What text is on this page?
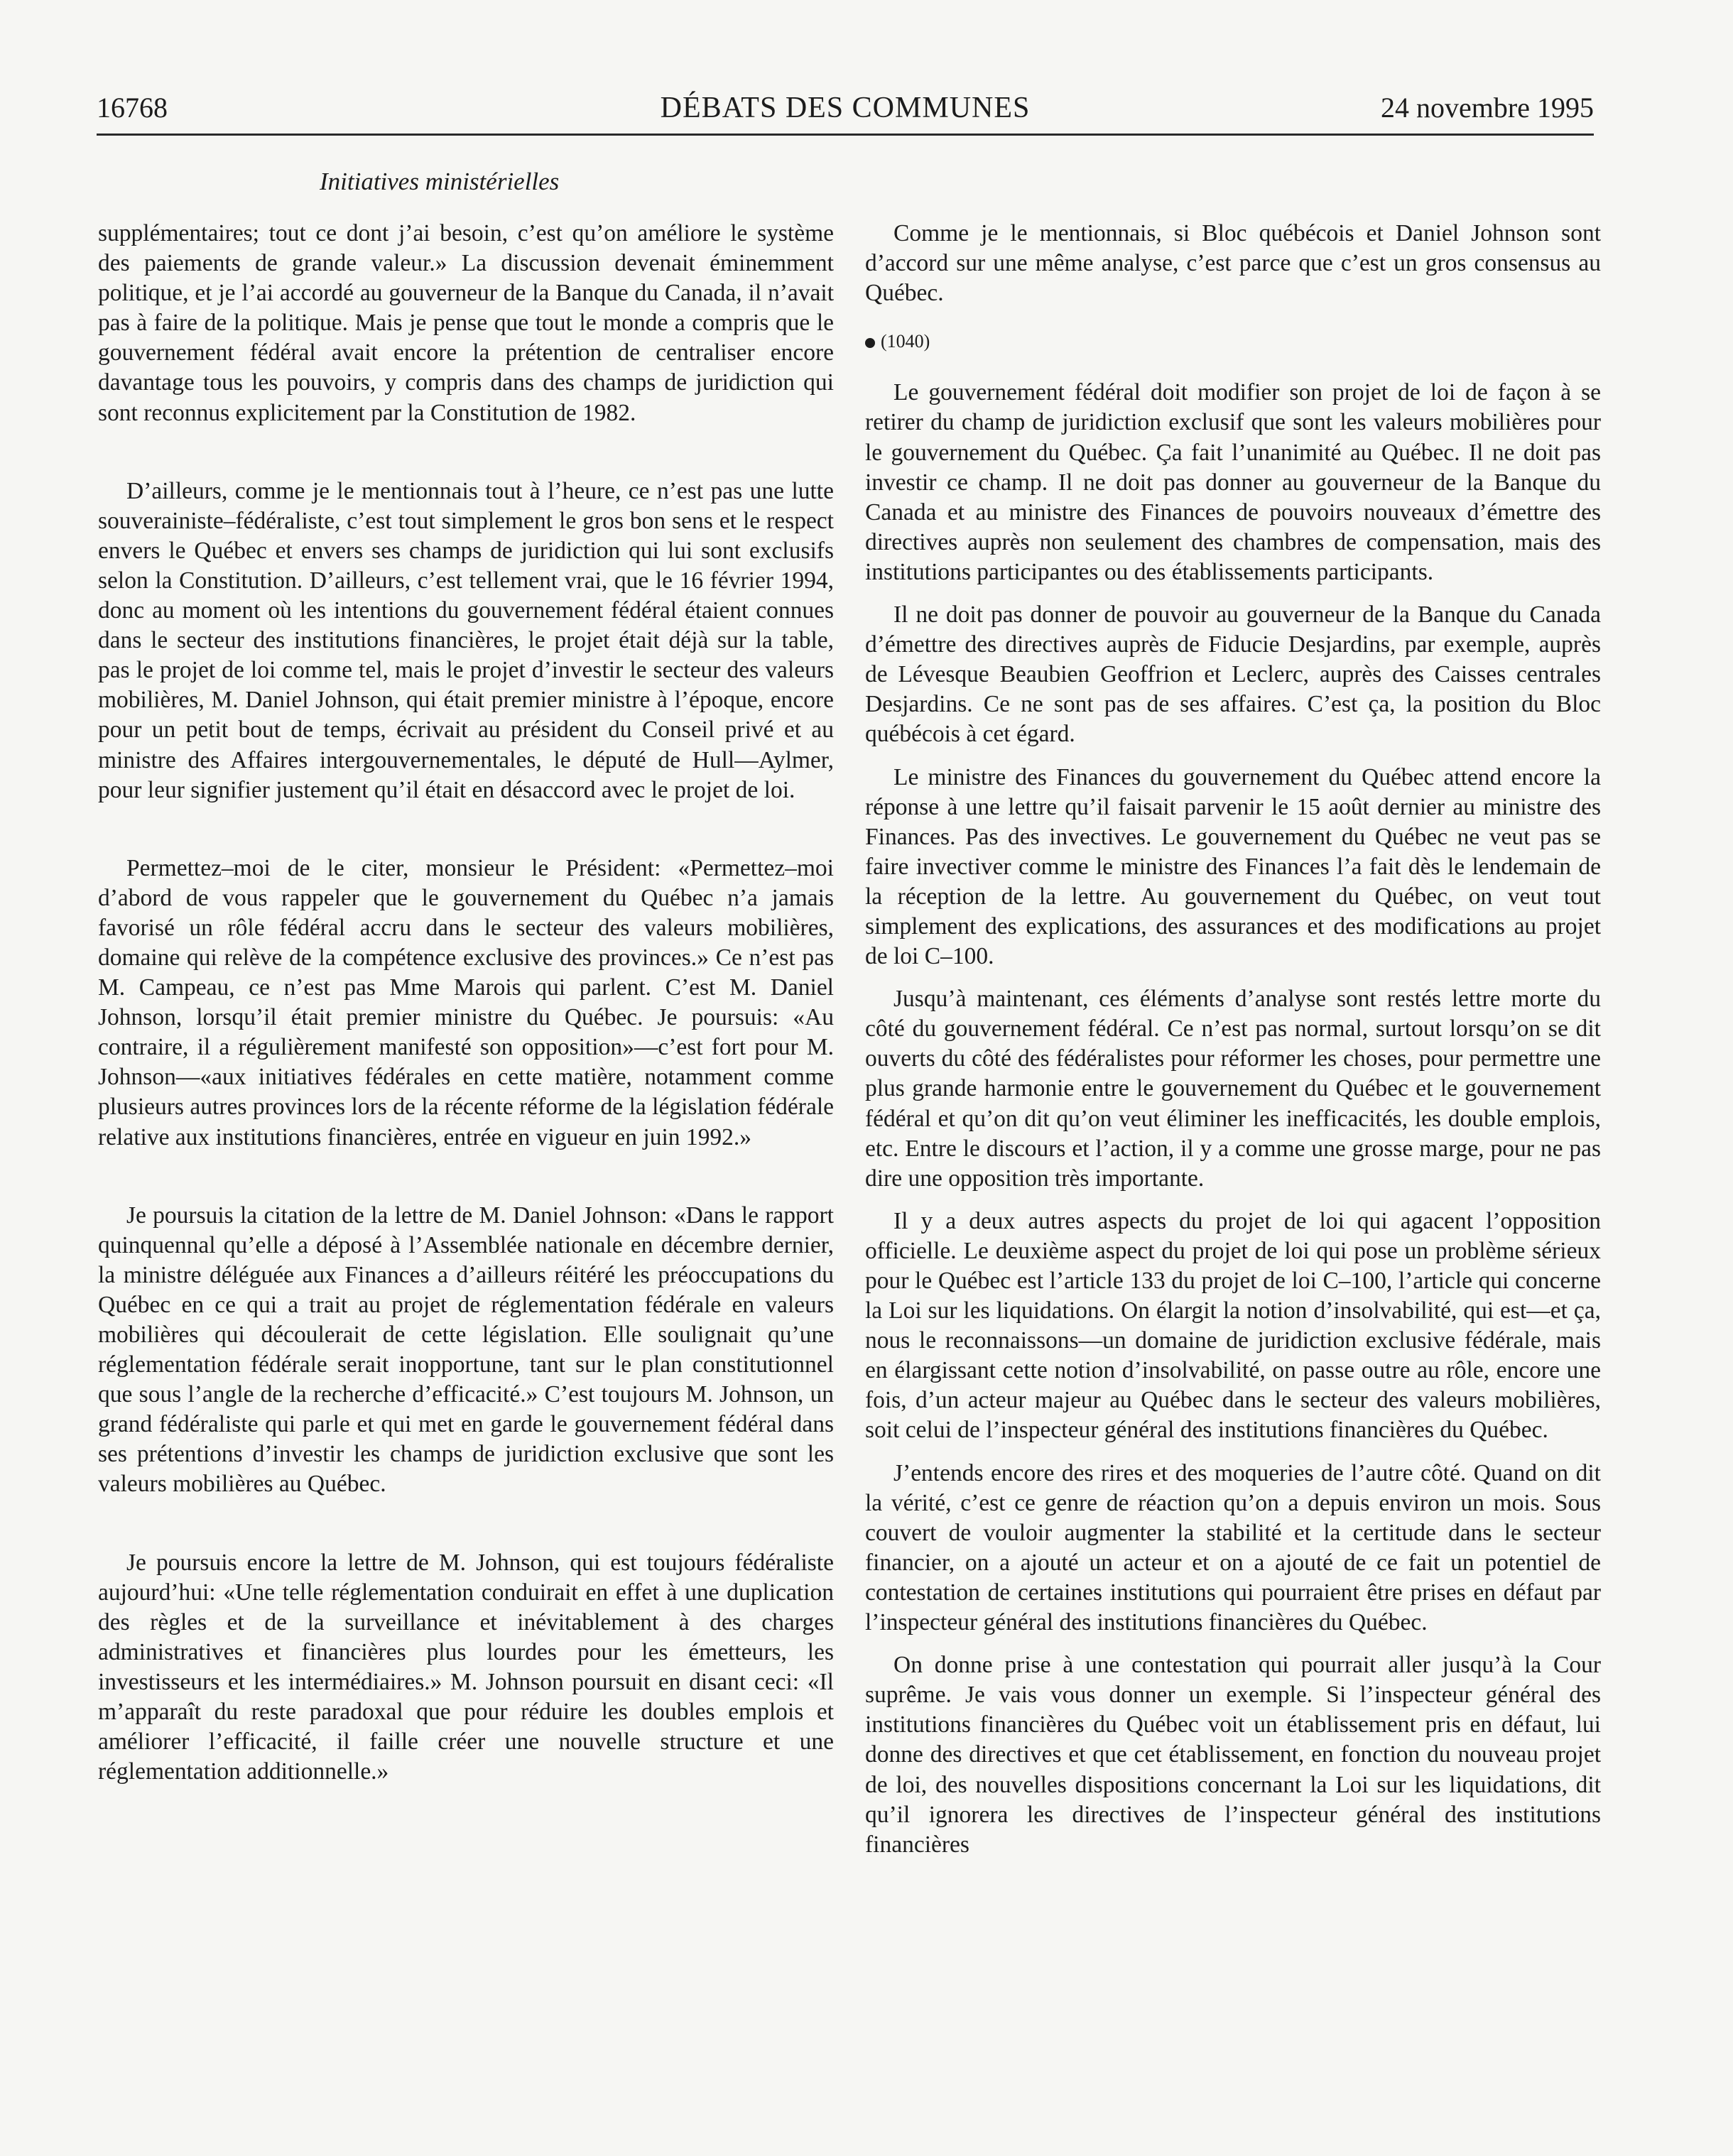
16768	DÉBATS DES COMMUNES	24 novembre 1995
Initiatives ministérielles

supplémentaires; tout ce dont j’ai besoin, c’est qu’on améliore le système des paiements de grande valeur.» La discussion devenait éminemment politique, et je l’ai accordé au gouverneur de la Banque du Canada, il n’avait pas à faire de la politique. Mais je pense que tout le monde a compris que le gouvernement fédéral avait encore la prétention de centraliser encore davantage tous les pouvoirs, y compris dans des champs de juridiction qui sont reconnus explicitement par la Constitution de 1982.

D’ailleurs, comme je le mentionnais tout à l’heure, ce n’est pas une lutte souverainiste–fédéraliste, c’est tout simplement le gros bon sens et le respect envers le Québec et envers ses champs de juridiction qui lui sont exclusifs selon la Constitution. D’ailleurs, c’est tellement vrai, que le 16 février 1994, donc au moment où les intentions du gouvernement fédéral étaient connues dans le secteur des institutions financières, le projet était déjà sur la table, pas le projet de loi comme tel, mais le projet d’investir le secteur des valeurs mobilières, M. Daniel Johnson, qui était premier ministre à l’époque, encore pour un petit bout de temps, écrivait au président du Conseil privé et au ministre des Affaires intergouvernementales, le député de Hull—Aylmer, pour leur signifier justement qu’il était en désaccord avec le projet de loi.

Permettez–moi de le citer, monsieur le Président: «Permettez–moi d’abord de vous rappeler que le gouvernement du Québec n’a jamais favorisé un rôle fédéral accru dans le secteur des valeurs mobilières, domaine qui relève de la compétence exclusive des provinces.» Ce n’est pas M. Campeau, ce n’est pas Mme Marois qui parlent. C’est M. Daniel Johnson, lorsqu’il était premier ministre du Québec. Je poursuis: «Au contraire, il a régulièrement manifesté son opposition»—c’est fort pour M. Johnson—«aux initiatives fédérales en cette matière, notamment comme plusieurs autres provinces lors de la récente réforme de la législation fédérale relative aux institutions financières, entrée en vigueur en juin 1992.»

Je poursuis la citation de la lettre de M. Daniel Johnson: «Dans le rapport quinquennal qu’elle a déposé à l’Assemblée nationale en décembre dernier, la ministre déléguée aux Finances a d’ailleurs réitéré les préoccupations du Québec en ce qui a trait au projet de réglementation fédérale en valeurs mobilières qui découlerait de cette législation. Elle soulignait qu’une réglementation fédérale serait inopportune, tant sur le plan constitutionnel que sous l’angle de la recherche d’efficacité.» C’est toujours M. Johnson, un grand fédéraliste qui parle et qui met en garde le gouvernement fédéral dans ses prétentions d’investir les champs de juridiction exclusive que sont les valeurs mobilières au Québec.

Je poursuis encore la lettre de M. Johnson, qui est toujours fédéraliste aujourd’hui: «Une telle réglementation conduirait en effet à une duplication des règles et de la surveillance et inévitablement à des charges administratives et financières plus lourdes pour les émetteurs, les investisseurs et les intermédiaires.» M. Johnson poursuit en disant ceci: «Il m’apparaît du reste paradoxal que pour réduire les doubles emplois et améliorer l’efficacité, il faille créer une nouvelle structure et une réglementation additionnelle.»

Comme je le mentionnais, si Bloc québécois et Daniel Johnson sont d’accord sur une même analyse, c’est parce que c’est un gros consensus au Québec.

(1040)

Le gouvernement fédéral doit modifier son projet de loi de façon à se retirer du champ de juridiction exclusif que sont les valeurs mobilières pour le gouvernement du Québec. Ça fait l’unanimité au Québec. Il ne doit pas investir ce champ. Il ne doit pas donner au gouverneur de la Banque du Canada et au ministre des Finances de pouvoirs nouveaux d’émettre des directives auprès non seulement des chambres de compensation, mais des institutions participantes ou des établissements participants.

Il ne doit pas donner de pouvoir au gouverneur de la Banque du Canada d’émettre des directives auprès de Fiducie Desjardins, par exemple, auprès de Lévesque Beaubien Geoffrion et Leclerc, auprès des Caisses centrales Desjardins. Ce ne sont pas de ses affaires. C’est ça, la position du Bloc québécois à cet égard.

Le ministre des Finances du gouvernement du Québec attend encore la réponse à une lettre qu’il faisait parvenir le 15 août dernier au ministre des Finances. Pas des invectives. Le gouvernement du Québec ne veut pas se faire invectiver comme le ministre des Finances l’a fait dès le lendemain de la réception de la lettre. Au gouvernement du Québec, on veut tout simplement des explications, des assurances et des modifications au projet de loi C–100.

Jusqu’à maintenant, ces éléments d’analyse sont restés lettre morte du côté du gouvernement fédéral. Ce n’est pas normal, surtout lorsqu’on se dit ouverts du côté des fédéralistes pour réformer les choses, pour permettre une plus grande harmonie entre le gouvernement du Québec et le gouvernement fédéral et qu’on dit qu’on veut éliminer les inefficacités, les double emplois, etc. Entre le discours et l’action, il y a comme une grosse marge, pour ne pas dire une opposition très importante.

Il y a deux autres aspects du projet de loi qui agacent l’opposition officielle. Le deuxième aspect du projet de loi qui pose un problème sérieux pour le Québec est l’article 133 du projet de loi C–100, l’article qui concerne la Loi sur les liquidations. On élargit la notion d’insolvabilité, qui est—et ça, nous le reconnaissons—un domaine de juridiction exclusive fédérale, mais en élargissant cette notion d’insolvabilité, on passe outre au rôle, encore une fois, d’un acteur majeur au Québec dans le secteur des valeurs mobilières, soit celui de l’inspecteur général des institutions financières du Québec.

J’entends encore des rires et des moqueries de l’autre côté. Quand on dit la vérité, c’est ce genre de réaction qu’on a depuis environ un mois. Sous couvert de vouloir augmenter la stabilité et la certitude dans le secteur financier, on a ajouté un acteur et on a ajouté de ce fait un potentiel de contestation de certaines institutions qui pourraient être prises en défaut par l’inspecteur général des institutions financières du Québec.

On donne prise à une contestation qui pourrait aller jusqu’à la Cour suprême. Je vais vous donner un exemple. Si l’inspecteur général des institutions financières du Québec voit un établissement pris en défaut, lui donne des directives et que cet établissement, en fonction du nouveau projet de loi, des nouvelles dispositions concernant la Loi sur les liquidations, dit qu’il ignorera les directives de l’inspecteur général des institutions financières
